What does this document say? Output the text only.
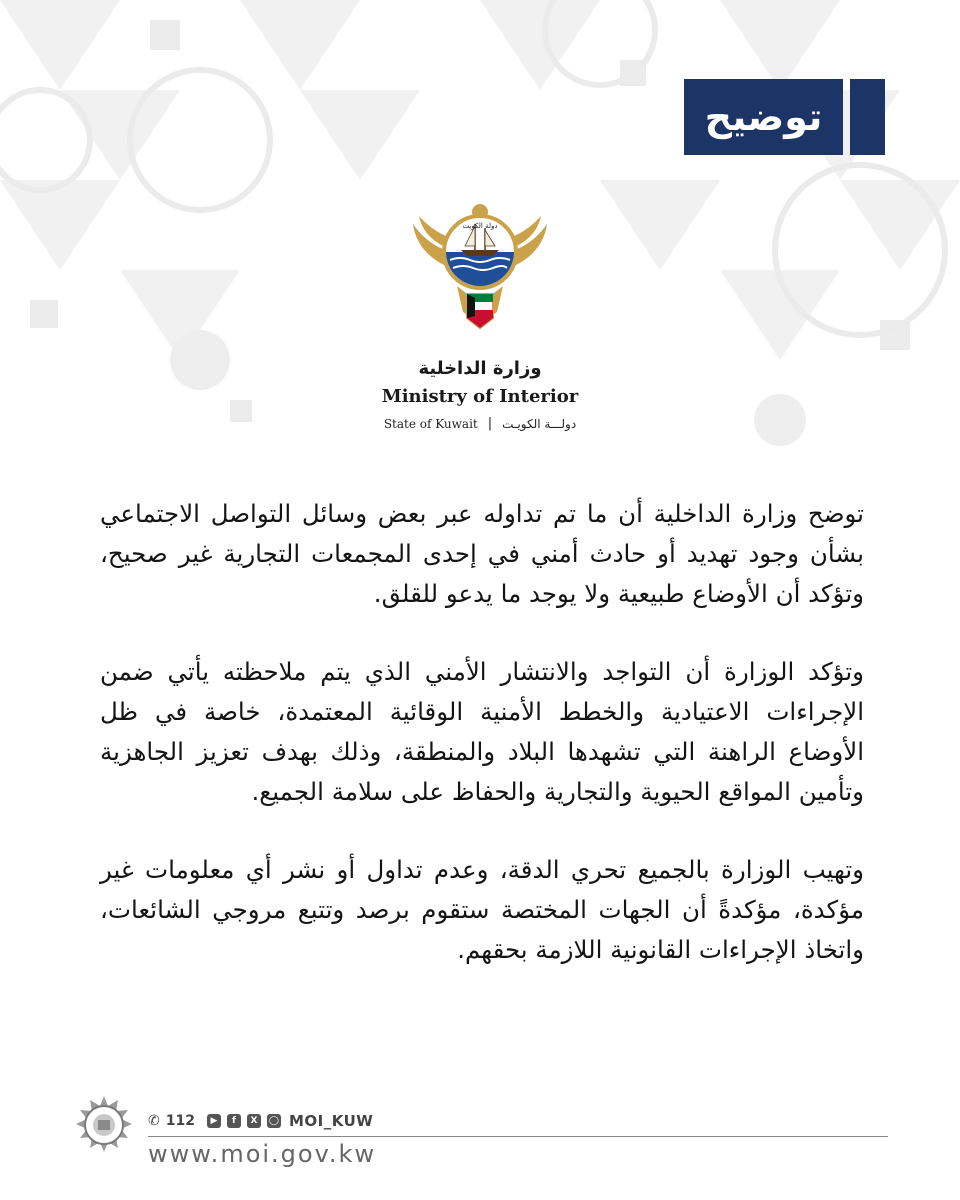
توضيح
دولة الكويت
وزارة الداخلية
Ministry of Interior
State of Kuwait | دولـــة الكويـت

توضح وزارة الداخلية أن ما تم تداوله عبر بعض وسائل التواصل الاجتماعي بشأن وجود تهديد أو حادث أمني في إحدى المجمعات التجارية غير صحيح، وتؤكد أن الأوضاع طبيعية ولا يوجد ما يدعو للقلق.

وتؤكد الوزارة أن التواجد والانتشار الأمني الذي يتم ملاحظته يأتي ضمن الإجراءات الاعتيادية والخطط الأمنية الوقائية المعتمدة، خاصة في ظل الأوضاع الراهنة التي تشهدها البلاد والمنطقة، وذلك بهدف تعزيز الجاهزية وتأمين المواقع الحيوية والتجارية والحفاظ على سلامة الجميع.

وتهيب الوزارة بالجميع تحري الدقة، وعدم تداول أو نشر أي معلومات غير مؤكدة، مؤكدةً أن الجهات المختصة ستقوم برصد وتتبع مروجي الشائعات، واتخاذ الإجراءات القانونية اللازمة بحقهم.

✆ 112	▶	f	X	◯ MOI_KUW
www.moi.gov.kw
